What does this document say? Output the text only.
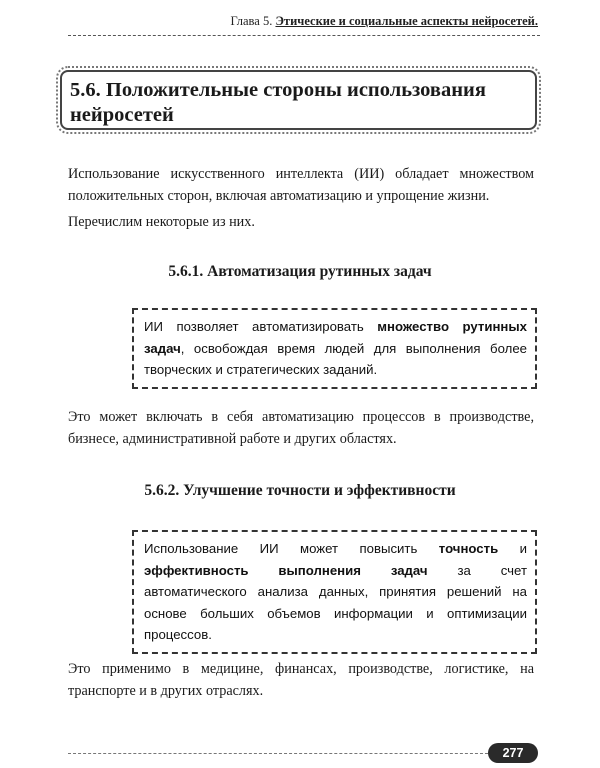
Глава 5. Этические и социальные аспекты нейросетей.
5.6. Положительные стороны использования нейросетей

Использование искусственного интеллекта (ИИ) обладает множеством положительных сторон, включая автоматизацию и упрощение жизни.

Перечислим некоторые из них.

5.6.1. Автоматизация рутинных задач
ИИ позволяет автоматизировать множество рутинных задач, освобождая время людей для выполнения более творческих и стратегических заданий.

Это может включать в себя автоматизацию процессов в производстве, бизнесе, административной работе и других областях.

5.6.2. Улучшение точности и эффективности
Использование ИИ может повысить точность и эффективность выполнения задач за счет автоматического анализа данных, принятия решений на основе больших объемов информации и оптимизации процессов.

Это применимо в медицине, финансах, производстве, логистике, на транспорте и в других отраслях.

277
